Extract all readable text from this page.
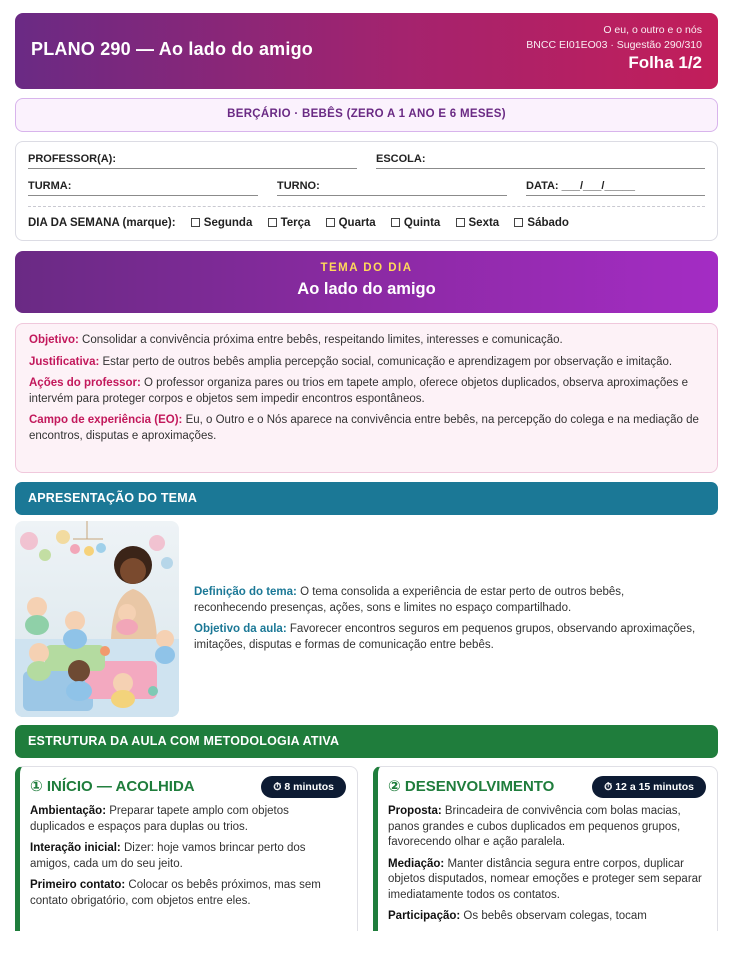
PLANO 290 — Ao lado do amigo
O eu, o outro e o nós
BNCC EI01EO03 · Sugestão 290/310
Folha 1/2
BERÇÁRIO · BEBÊS (ZERO A 1 ANO E 6 MESES)
PROFESSOR(A):	ESCOLA:
TURMA:	TURNO:	DATA: ___/___/_____
DIA DA SEMANA (marque): Segunda Terça Quarta Quinta Sexta Sábado
TEMA DO DIA
Ao lado do amigo

Objetivo: Consolidar a convivência próxima entre bebês, respeitando limites, interesses e comunicação.

Justificativa: Estar perto de outros bebês amplia percepção social, comunicação e aprendizagem por observação e imitação.

Ações do professor: O professor organiza pares ou trios em tapete amplo, oferece objetos duplicados, observa aproximações e intervém para proteger corpos e objetos sem impedir encontros espontâneos.

Campo de experiência (EO): Eu, o Outro e o Nós aparece na convivência entre bebês, na percepção do colega e na mediação de encontros, disputas e aproximações.

APRESENTAÇÃO DO TEMA

Definição do tema: O tema consolida a experiência de estar perto de outros bebês, reconhecendo presenças, ações, sons e limites no espaço compartilhado.

Objetivo da aula: Favorecer encontros seguros em pequenos grupos, observando aproximações, imitações, disputas e formas de comunicação entre bebês.

ESTRUTURA DA AULA COM METODOLOGIA ATIVA
① INÍCIO — ACOLHIDA	⏱ 8 minutos

Ambientação: Preparar tapete amplo com objetos duplicados e espaços para duplas ou trios.

Interação inicial: Dizer: hoje vamos brincar perto dos amigos, cada um do seu jeito.

Primeiro contato: Colocar os bebês próximos, mas sem contato obrigatório, com objetos entre eles.

② DESENVOLVIMENTO	⏱ 12 a 15 minutos

Proposta: Brincadeira de convivência com bolas macias, panos grandes e cubos duplicados em pequenos grupos, favorecendo olhar e ação paralela.

Mediação: Manter distância segura entre corpos, duplicar objetos disputados, nomear emoções e proteger sem separar imediatamente todos os contatos.

Participação: Os bebês observam colegas, tocam
